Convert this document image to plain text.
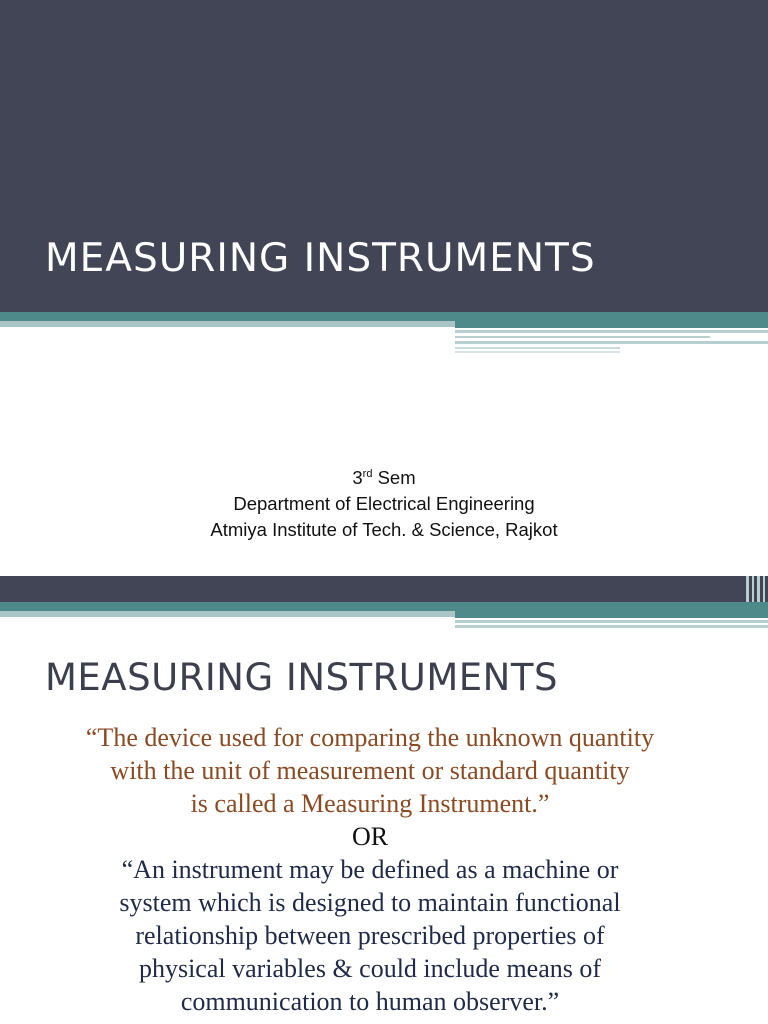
MEASURING INSTRUMENTS
3rd Sem
Department of Electrical Engineering
Atmiya Institute of Tech. & Science, Rajkot
MEASURING INSTRUMENTS
“The device used for comparing the unknown quantity
with the unit of measurement or standard quantity
is called a Measuring Instrument.”
OR
“An instrument may be defined as a machine or
system which is designed to maintain functional
relationship between prescribed properties of
physical variables & could include means of
communication to human observer.”
